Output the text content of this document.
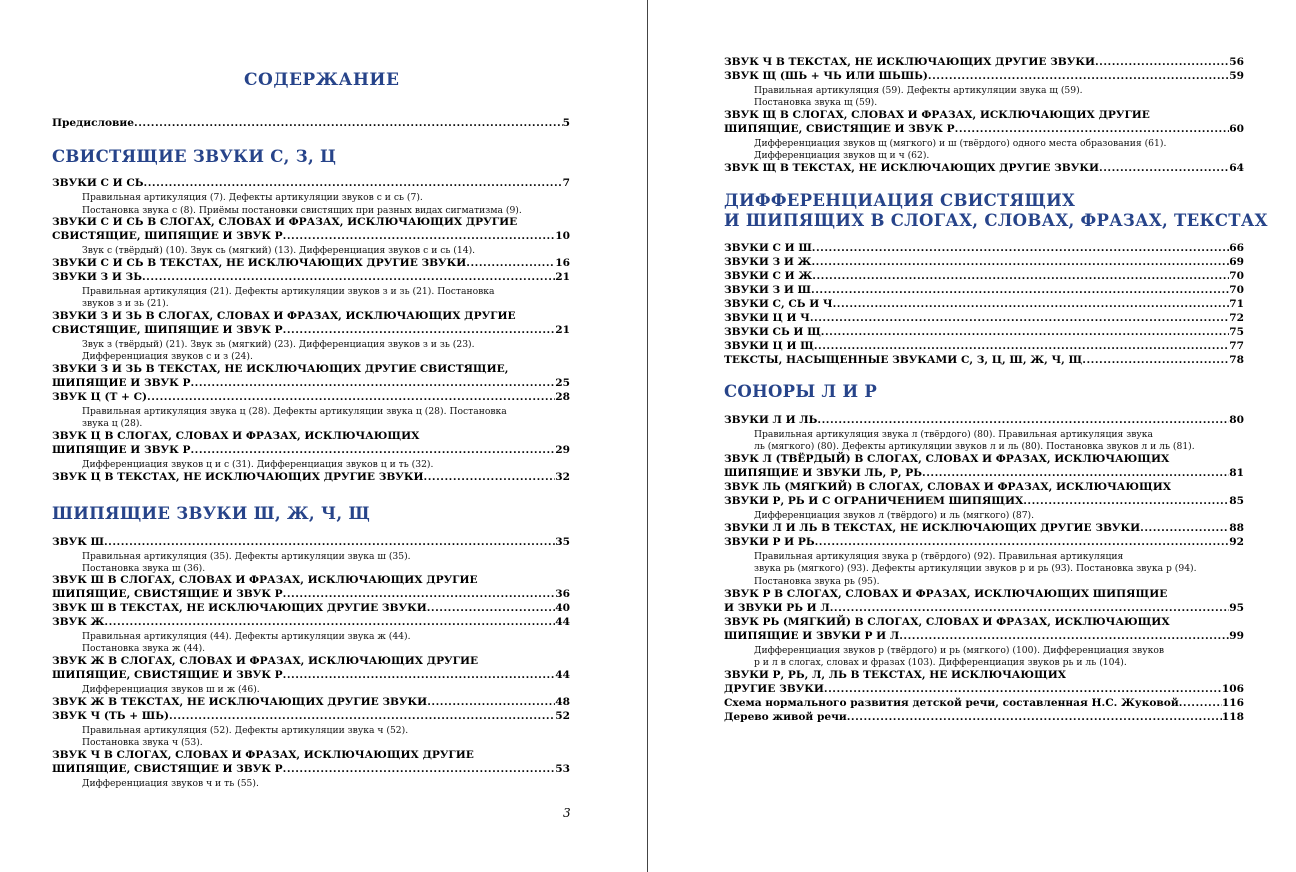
СОДЕРЖАНИЕ
Предисловие .....	5
СВИСТЯЩИЕ ЗВУКИ С, З, Ц
ЗВУКИ С И СЬ .....	7
Правильная артикуляция (7). Дефекты артикуляции звуков с и сь (7).
Постановка звука с (8). Приёмы постановки свистящих при разных видах сигматизма (9).
ЗВУКИ С И СЬ В СЛОГАХ, СЛОВАХ И ФРАЗАХ, ИСКЛЮЧАЮЩИХ ДРУГИЕ
СВИСТЯЩИЕ, ШИПЯЩИЕ И ЗВУК Р .....	10
Звук с (твёрдый) (10). Звук сь (мягкий) (13). Дифференциация звуков с и сь (14).
ЗВУКИ С И СЬ В ТЕКСТАХ, НЕ ИСКЛЮЧАЮЩИХ ДРУГИЕ ЗВУКИ .....	16
ЗВУКИ З И ЗЬ .....	21
Правильная артикуляция (21). Дефекты артикуляции звуков з и зь (21). Постановка
звуков з и зь (21).
ЗВУКИ З И ЗЬ В СЛОГАХ, СЛОВАХ И ФРАЗАХ, ИСКЛЮЧАЮЩИХ ДРУГИЕ
СВИСТЯЩИЕ, ШИПЯЩИЕ И ЗВУК Р .....	21
Звук з (твёрдый) (21). Звук зь (мягкий) (23). Дифференциация звуков з и зь (23).
Дифференциация звуков с и з (24).
ЗВУКИ З И ЗЬ В ТЕКСТАХ, НЕ ИСКЛЮЧАЮЩИХ ДРУГИЕ СВИСТЯЩИЕ,
ШИПЯЩИЕ И ЗВУК Р .....	25
ЗВУК Ц (Т + С) .....	28
Правильная артикуляция звука ц (28). Дефекты артикуляции звука ц (28). Постановка
звука ц (28).
ЗВУК Ц В СЛОГАХ, СЛОВАХ И ФРАЗАХ, ИСКЛЮЧАЮЩИХ
ШИПЯЩИЕ И ЗВУК Р .....	29
Дифференциация звуков ц и с (31). Дифференциация звуков ц и ть (32).
ЗВУК Ц В ТЕКСТАХ, НЕ ИСКЛЮЧАЮЩИХ ДРУГИЕ ЗВУКИ .....	32
ШИПЯЩИЕ ЗВУКИ Ш, Ж, Ч, Щ
ЗВУК Ш .....	35
Правильная артикуляция (35). Дефекты артикуляции звука ш (35).
Постановка звука ш (36).
ЗВУК Ш В СЛОГАХ, СЛОВАХ И ФРАЗАХ, ИСКЛЮЧАЮЩИХ ДРУГИЕ
ШИПЯЩИЕ, СВИСТЯЩИЕ И ЗВУК Р .....	36
ЗВУК Ш В ТЕКСТАХ, НЕ ИСКЛЮЧАЮЩИХ ДРУГИЕ ЗВУКИ .....	40
ЗВУК Ж .....	44
Правильная артикуляция (44). Дефекты артикуляции звука ж (44).
Постановка звука ж (44).
ЗВУК Ж В СЛОГАХ, СЛОВАХ И ФРАЗАХ, ИСКЛЮЧАЮЩИХ ДРУГИЕ
ШИПЯЩИЕ, СВИСТЯЩИЕ И ЗВУК Р .....	44
Дифференциация звуков ш и ж (46).
ЗВУК Ж В ТЕКСТАХ, НЕ ИСКЛЮЧАЮЩИХ ДРУГИЕ ЗВУКИ .....	48
ЗВУК Ч (ТЬ + ШЬ) .....	52
Правильная артикуляция (52). Дефекты артикуляции звука ч (52).
Постановка звука ч (53).
ЗВУК Ч В СЛОГАХ, СЛОВАХ И ФРАЗАХ, ИСКЛЮЧАЮЩИХ ДРУГИЕ
ШИПЯЩИЕ, СВИСТЯЩИЕ И ЗВУК Р .....	53
Дифференциация звуков ч и ть (55).
3
ЗВУК Ч В ТЕКСТАХ, НЕ ИСКЛЮЧАЮЩИХ ДРУГИЕ ЗВУКИ .....	56
ЗВУК Щ (ШЬ + ЧЬ ИЛИ ШЬШЬ) .....	59
Правильная артикуляция (59). Дефекты артикуляции звука щ (59).
Постановка звука щ (59).
ЗВУК Щ В СЛОГАХ, СЛОВАХ И ФРАЗАХ, ИСКЛЮЧАЮЩИХ ДРУГИЕ
ШИПЯЩИЕ, СВИСТЯЩИЕ И ЗВУК Р .....	60
Дифференциация звуков щ (мягкого) и ш (твёрдого) одного места образования (61).
Дифференциация звуков щ и ч (62).
ЗВУК Щ В ТЕКСТАХ, НЕ ИСКЛЮЧАЮЩИХ ДРУГИЕ ЗВУКИ .....	64
ДИФФЕРЕНЦИАЦИЯ СВИСТЯЩИХ
И ШИПЯЩИХ В СЛОГАХ, СЛОВАХ, ФРАЗАХ, ТЕКСТАХ
ЗВУКИ С И Ш .....	66
ЗВУКИ З И Ж .....	69
ЗВУКИ С И Ж .....	70
ЗВУКИ З И Ш .....	70
ЗВУКИ С, СЬ И Ч .....	71
ЗВУКИ Ц И Ч .....	72
ЗВУКИ СЬ И Щ .....	75
ЗВУКИ Ц И Щ .....	77
ТЕКСТЫ, НАСЫЩЕННЫЕ ЗВУКАМИ С, З, Ц, Ш, Ж, Ч, Щ .....	78
СОНОРЫ Л И Р
ЗВУКИ Л И ЛЬ .....	80
Правильная артикуляция звука л (твёрдого) (80). Правильная артикуляция звука
ль (мягкого) (80). Дефекты артикуляции звуков л и ль (80). Постановка звуков л и ль (81).
ЗВУК Л (ТВЁРДЫЙ) В СЛОГАХ, СЛОВАХ И ФРАЗАХ, ИСКЛЮЧАЮЩИХ
ШИПЯЩИЕ И ЗВУКИ ЛЬ, Р, РЬ .....	81
ЗВУК ЛЬ (МЯГКИЙ) В СЛОГАХ, СЛОВАХ И ФРАЗАХ, ИСКЛЮЧАЮЩИХ
ЗВУКИ Р, РЬ И С ОГРАНИЧЕНИЕМ ШИПЯЩИХ .....	85
Дифференциация звуков л (твёрдого) и ль (мягкого) (87).
ЗВУКИ Л И ЛЬ В ТЕКСТАХ, НЕ ИСКЛЮЧАЮЩИХ ДРУГИЕ ЗВУКИ .....	88
ЗВУКИ Р И РЬ .....	92
Правильная артикуляция звука р (твёрдого) (92). Правильная артикуляция
звука рь (мягкого) (93). Дефекты артикуляции звуков р и рь (93). Постановка звука р (94).
Постановка звука рь (95).
ЗВУК Р В СЛОГАХ, СЛОВАХ И ФРАЗАХ, ИСКЛЮЧАЮЩИХ ШИПЯЩИЕ
И ЗВУКИ РЬ И Л .....	95
ЗВУК РЬ (МЯГКИЙ) В СЛОГАХ, СЛОВАХ И ФРАЗАХ, ИСКЛЮЧАЮЩИХ
ШИПЯЩИЕ И ЗВУКИ Р И Л .....	99
Дифференциация звуков р (твёрдого) и рь (мягкого) (100). Дифференциация звуков
р и л в слогах, словах и фразах (103). Дифференциация звуков рь и ль (104).
ЗВУКИ Р, РЬ, Л, ЛЬ В ТЕКСТАХ, НЕ ИСКЛЮЧАЮЩИХ
ДРУГИЕ ЗВУКИ .....	106
Схема нормального развития детской речи, составленная Н.С. Жуковой .....	116
Дерево живой речи .....	118
